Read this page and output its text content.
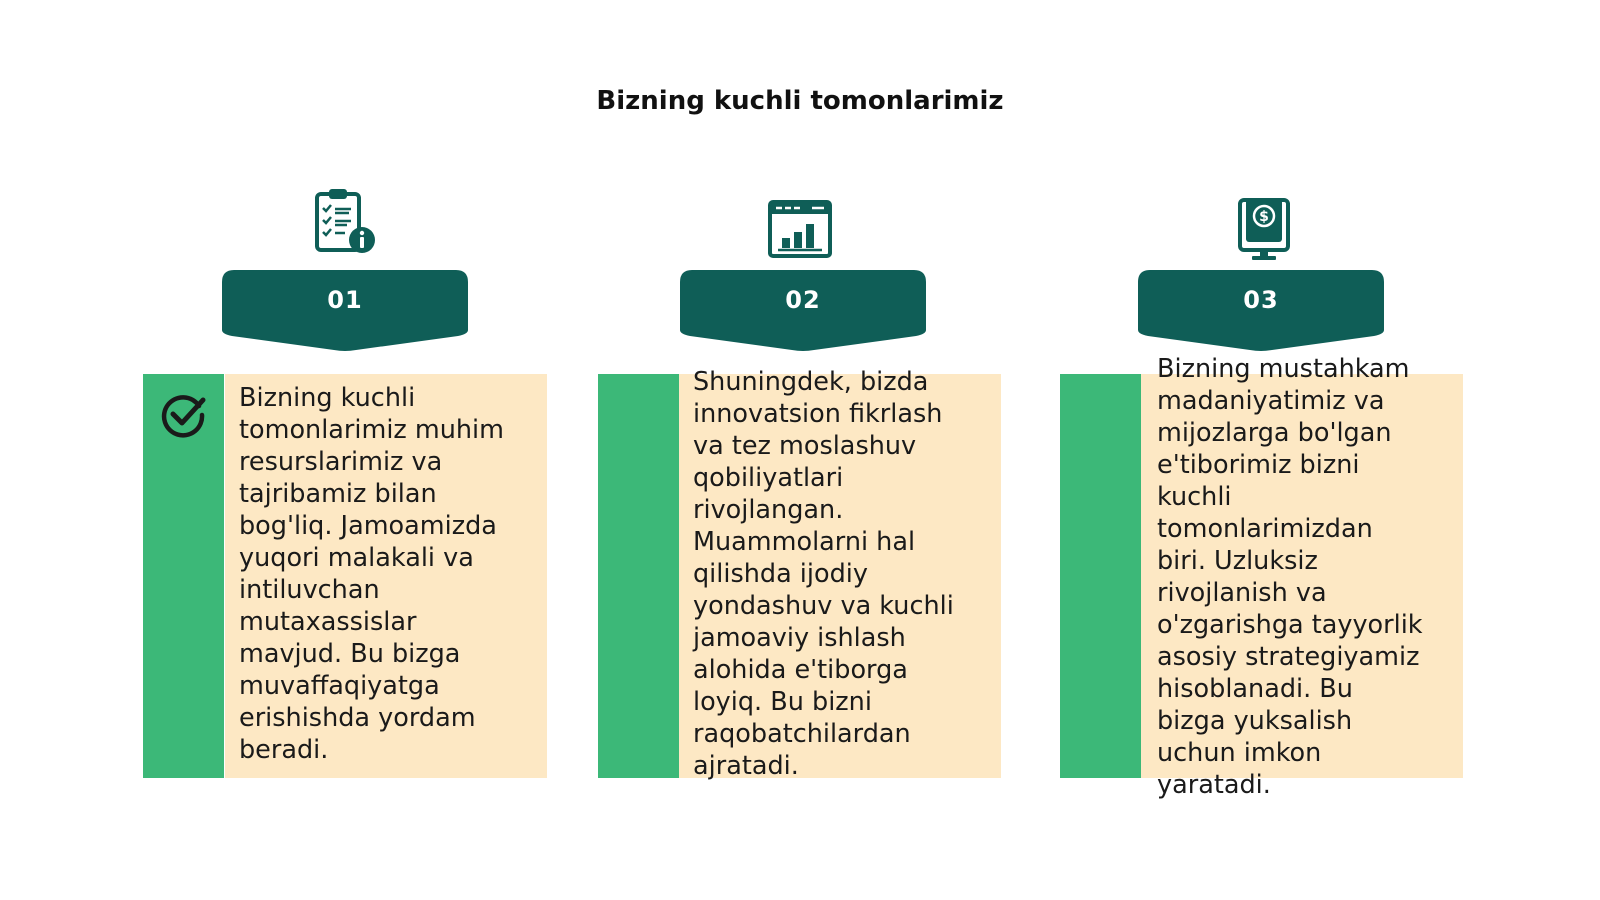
Bizning kuchli tomonlarimiz
01
Bizning kuchli
tomonlarimiz muhim
resurslarimiz va
tajribamiz bilan
bog'liq. Jamoamizda
yuqori malakali va
intiluvchan
mutaxassislar
mavjud. Bu bizga
muvaffaqiyatga
erishishda yordam
beradi.
02
Shuningdek, bizda
innovatsion fikrlash
va tez moslashuv
qobiliyatlari
rivojlangan.
Muammolarni hal
qilishda ijodiy
yondashuv va kuchli
jamoaviy ishlash
alohida e'tiborga
loyiq. Bu bizni
raqobatchilardan
ajratadi.
$
03
Bizning mustahkam
madaniyatimiz va
mijozlarga bo'lgan
e'tiborimiz bizni
kuchli
tomonlarimizdan
biri. Uzluksiz
rivojlanish va
o'zgarishga tayyorlik
asosiy strategiyamiz
hisoblanadi. Bu
bizga yuksalish
uchun imkon
yaratadi.
